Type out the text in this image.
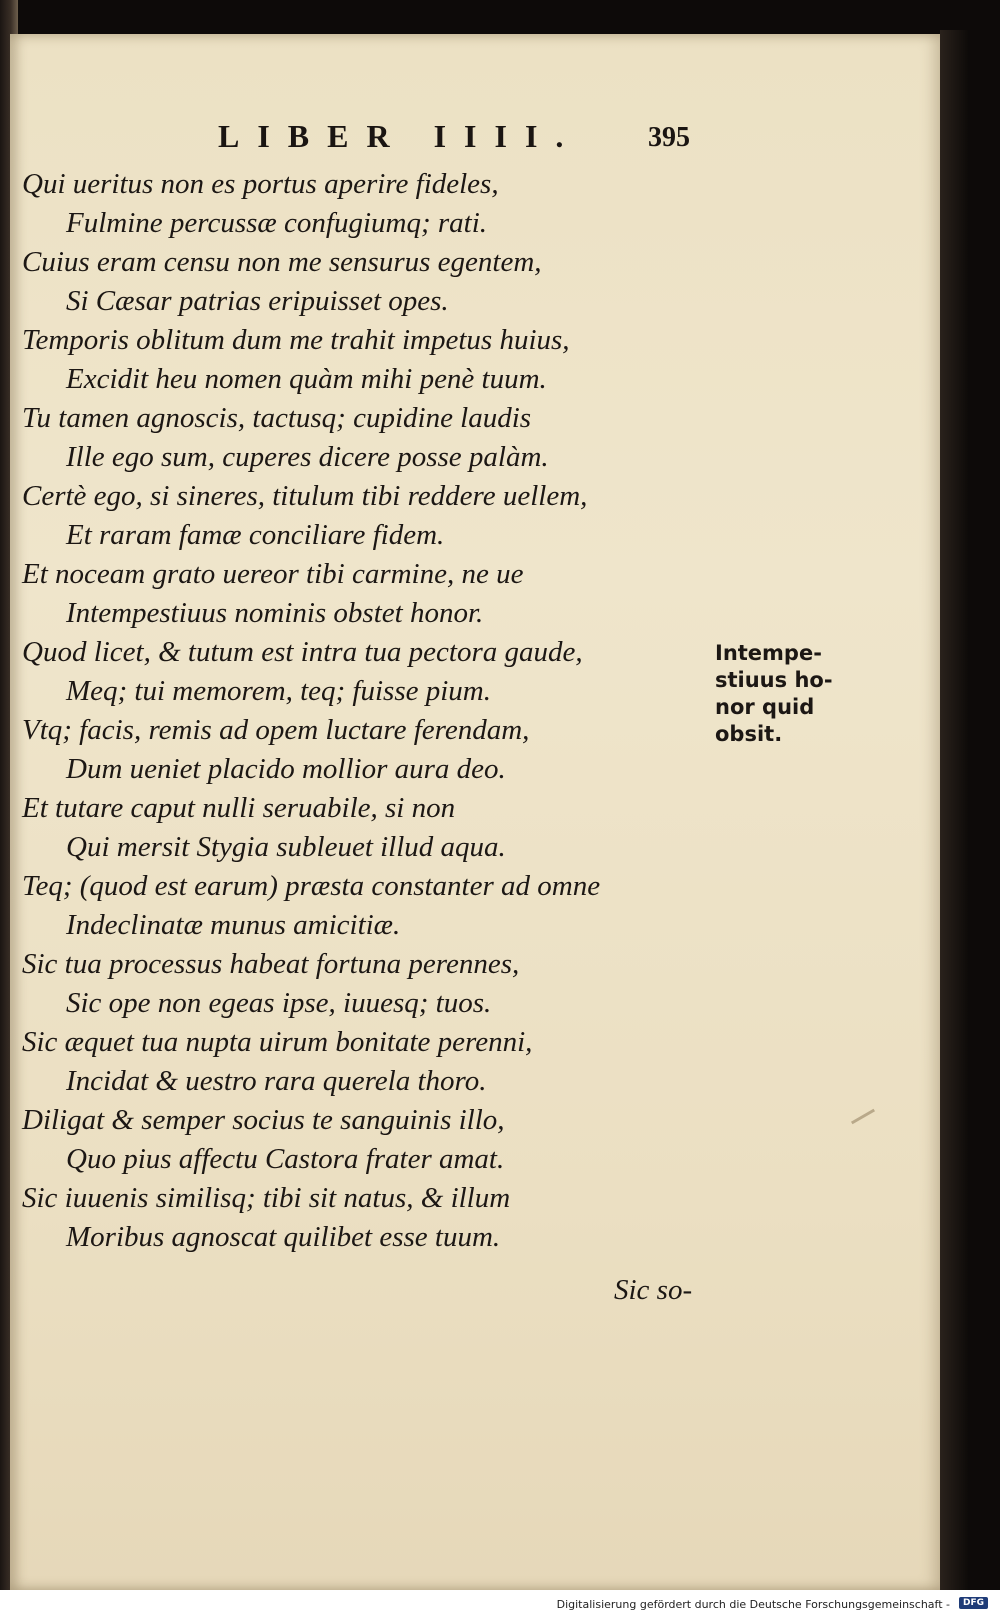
LIBER IIII. 395
Qui ueritus non es portus aperire fideles,
Fulmine percussæ confugiumq; rati.
Cuius eram censu non me sensurus egentem,
Si Cæsar patrias eripuisset opes.
Temporis oblitum dum me trahit impetus huius,
Excidit heu nomen quàm mihi penè tuum.
Tu tamen agnoscis, tactusq; cupidine laudis
Ille ego sum, cuperes dicere posse palàm.
Certè ego, si sineres, titulum tibi reddere uellem,
Et raram famæ conciliare fidem.
Et noceam grato uereor tibi carmine, ne ue
Intempestiuus nominis obstet honor.
Quod licet, & tutum est intra tua pectora gaude,
Meq; tui memorem, teq; fuisse pium.
Vtq; facis, remis ad opem luctare ferendam,
Dum ueniet placido mollior aura deo.
Et tutare caput nulli seruabile, si non
Qui mersit Stygia subleuet illud aqua.
Teq; (quod est earum) præsta constanter ad omne
Indeclinatæ munus amicitiæ.
Sic tua processus habeat fortuna perennes,
Sic ope non egeas ipse, iuuesq; tuos.
Sic æquet tua nupta uirum bonitate perenni,
Incidat & uestro rara querela thoro.
Diligat & semper socius te sanguinis illo,
Quo pius affectu Castora frater amat.
Sic iuuenis similisq; tibi sit natus, & illum
Moribus agnoscat quilibet esse tuum.
Intempe-
stiuus ho-
nor quid
obsit.
Sic so-
Digitalisierung gefördert durch die Deutsche Forschungsgemeinschaft -	DFG
